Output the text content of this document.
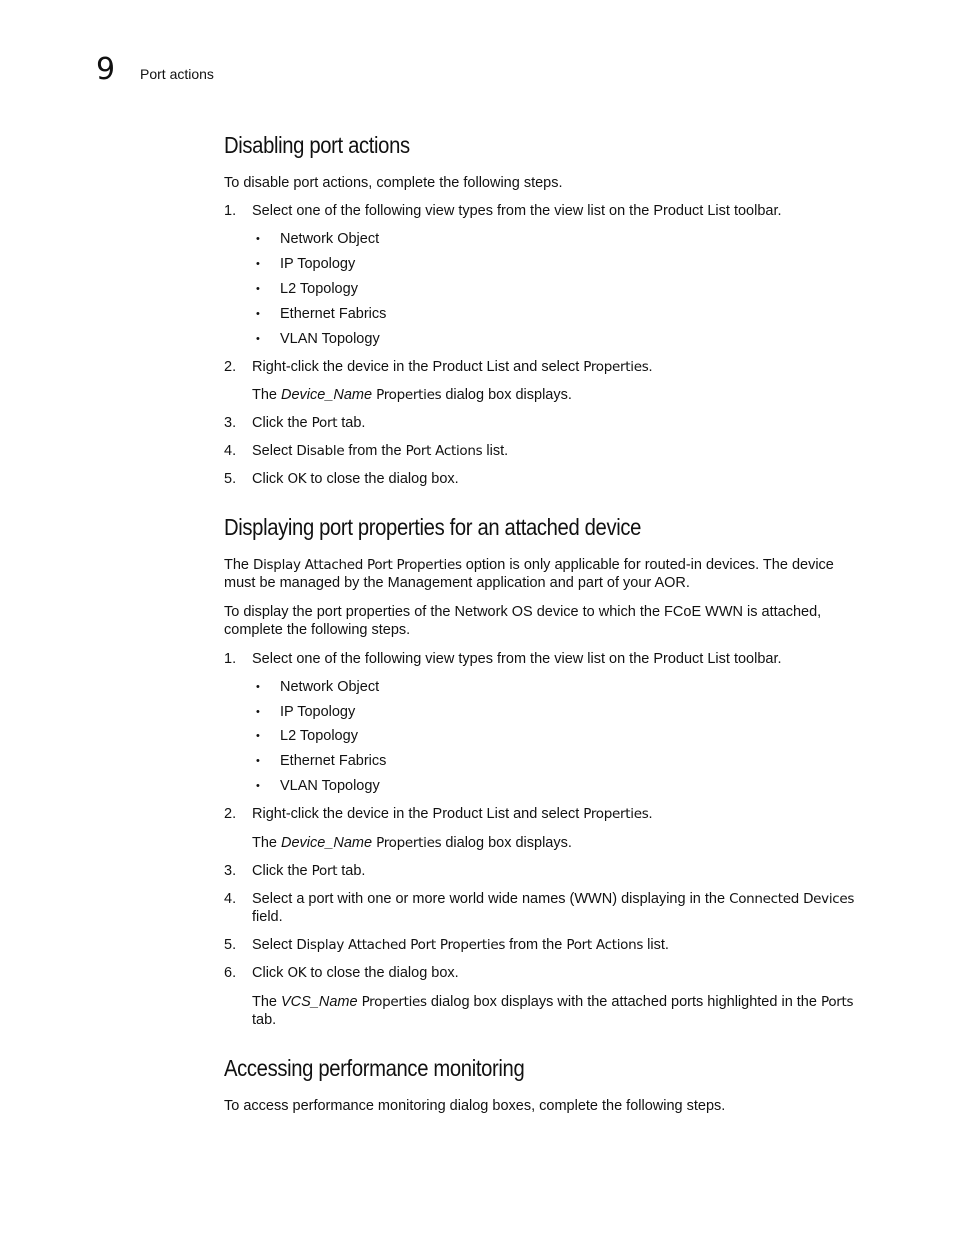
9 Port actions
Disabling port actions

To disable port actions, complete the following steps.

1. Select one of the following view types from the view list on the Product List toolbar.
• Network Object
• IP Topology
• L2 Topology
• Ethernet Fabrics
• VLAN Topology
2. Right-click the device in the Product List and select Properties.
The Device_Name Properties dialog box displays.
3. Click the Port tab.
4. Select Disable from the Port Actions list.
5. Click OK to close the dialog box.
Displaying port properties for an attached device

The Display Attached Port Properties option is only applicable for routed-in devices. The device must be managed by the Management application and part of your AOR.

To display the port properties of the Network OS device to which the FCoE WWN is attached, complete the following steps.

1. Select one of the following view types from the view list on the Product List toolbar.
• Network Object
• IP Topology
• L2 Topology
• Ethernet Fabrics
• VLAN Topology
2. Right-click the device in the Product List and select Properties.
The Device_Name Properties dialog box displays.
3. Click the Port tab.
4. Select a port with one or more world wide names (WWN) displaying in the Connected Devices field.
5. Select Display Attached Port Properties from the Port Actions list.
6. Click OK to close the dialog box.
The VCS_Name Properties dialog box displays with the attached ports highlighted in the Ports tab.
Accessing performance monitoring

To access performance monitoring dialog boxes, complete the following steps.
